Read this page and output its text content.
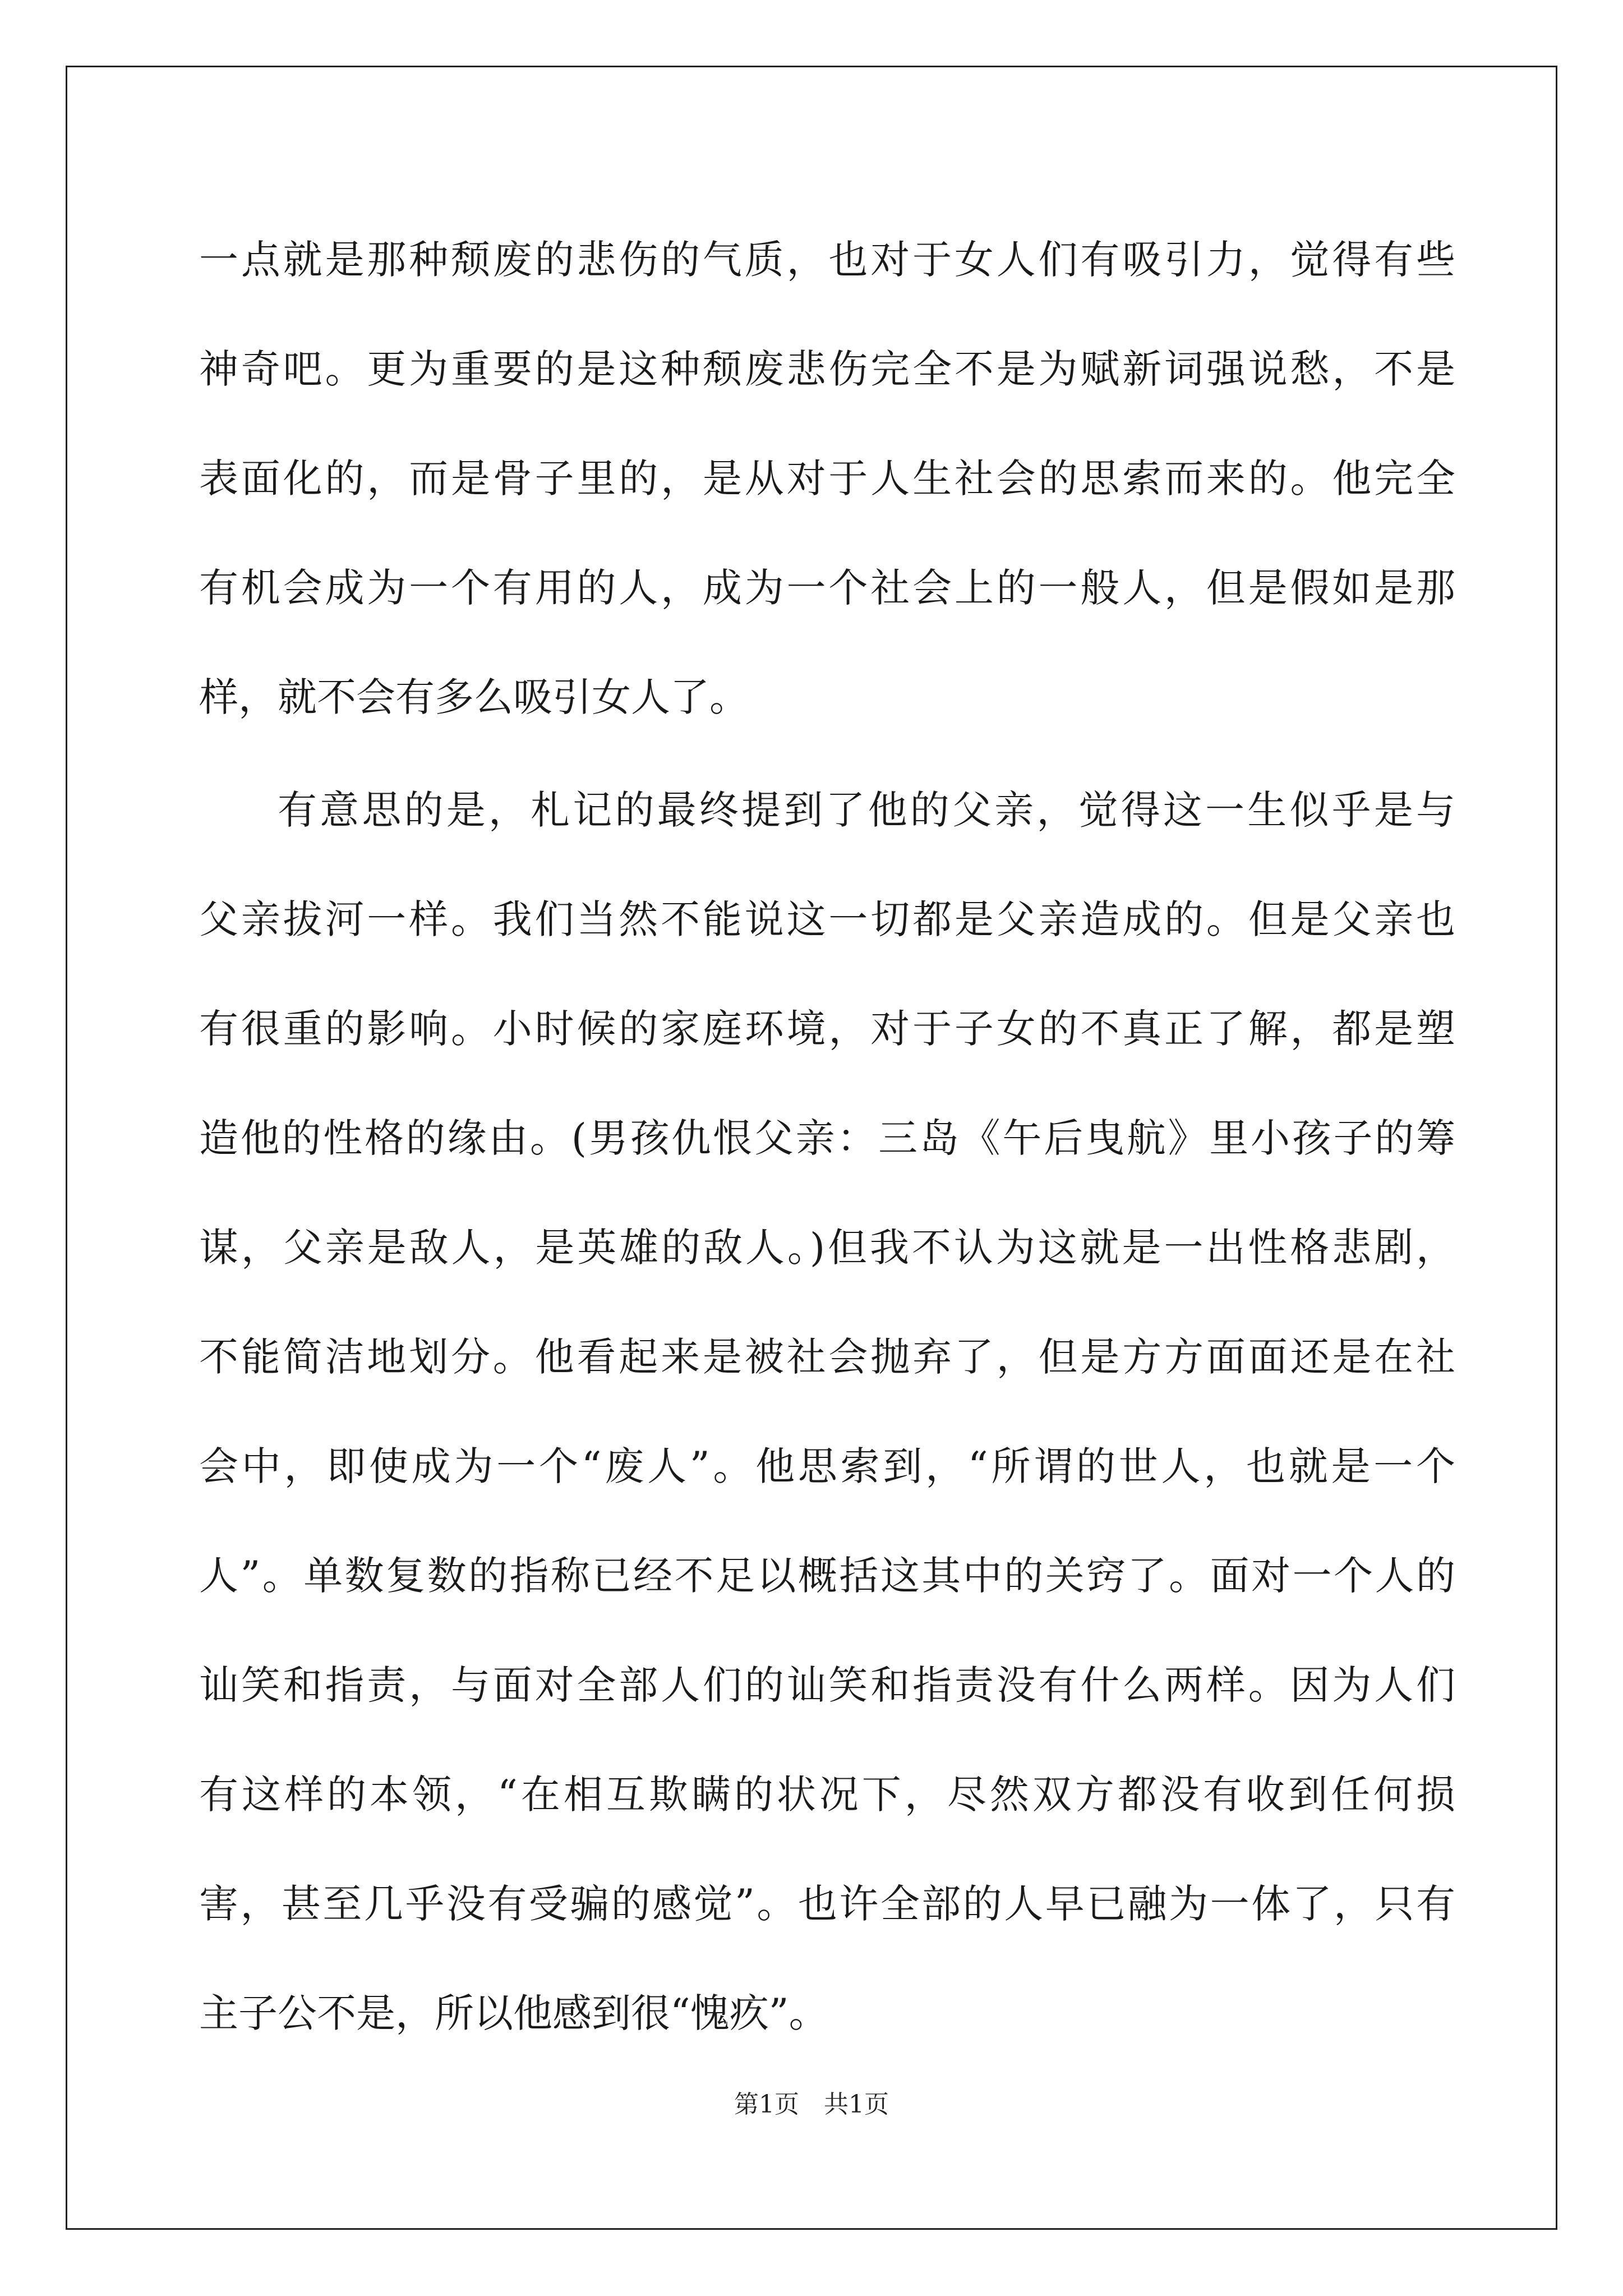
一点就是那种颓废的悲伤的气质，也对于女人们有吸引力，觉得有些
神奇吧。更为重要的是这种颓废悲伤完全不是为赋新词强说愁，不是
表面化的，而是骨子里的，是从对于人生社会的思索而来的。他完全
有机会成为一个有用的人，成为一个社会上的一般人，但是假如是那
样，就不会有多么吸引女人了。
有意思的是，札记的最终提到了他的父亲，觉得这一生似乎是与
父亲拔河一样。我们当然不能说这一切都是父亲造成的。但是父亲也
有很重的影响。小时候的家庭环境，对于子女的不真正了解，都是塑
造他的性格的缘由。(男孩仇恨父亲：三岛《午后曳航》里小孩子的筹
谋，父亲是敌人，是英雄的敌人。)但我不认为这就是一出性格悲剧，
不能简洁地划分。他看起来是被社会抛弃了，但是方方面面还是在社
会中，即使成为一个“废人”。他思索到，“所谓的世人，也就是一个
人”。单数复数的指称已经不足以概括这其中的关窍了。面对一个人的
讪笑和指责，与面对全部人们的讪笑和指责没有什么两样。因为人们
有这样的本领，“在相互欺瞒的状况下，尽然双方都没有收到任何损
害，甚至几乎没有受骗的感觉”。也许全部的人早已融为一体了，只有
主子公不是，所以他感到很“愧疚”。
第1页　共1页
